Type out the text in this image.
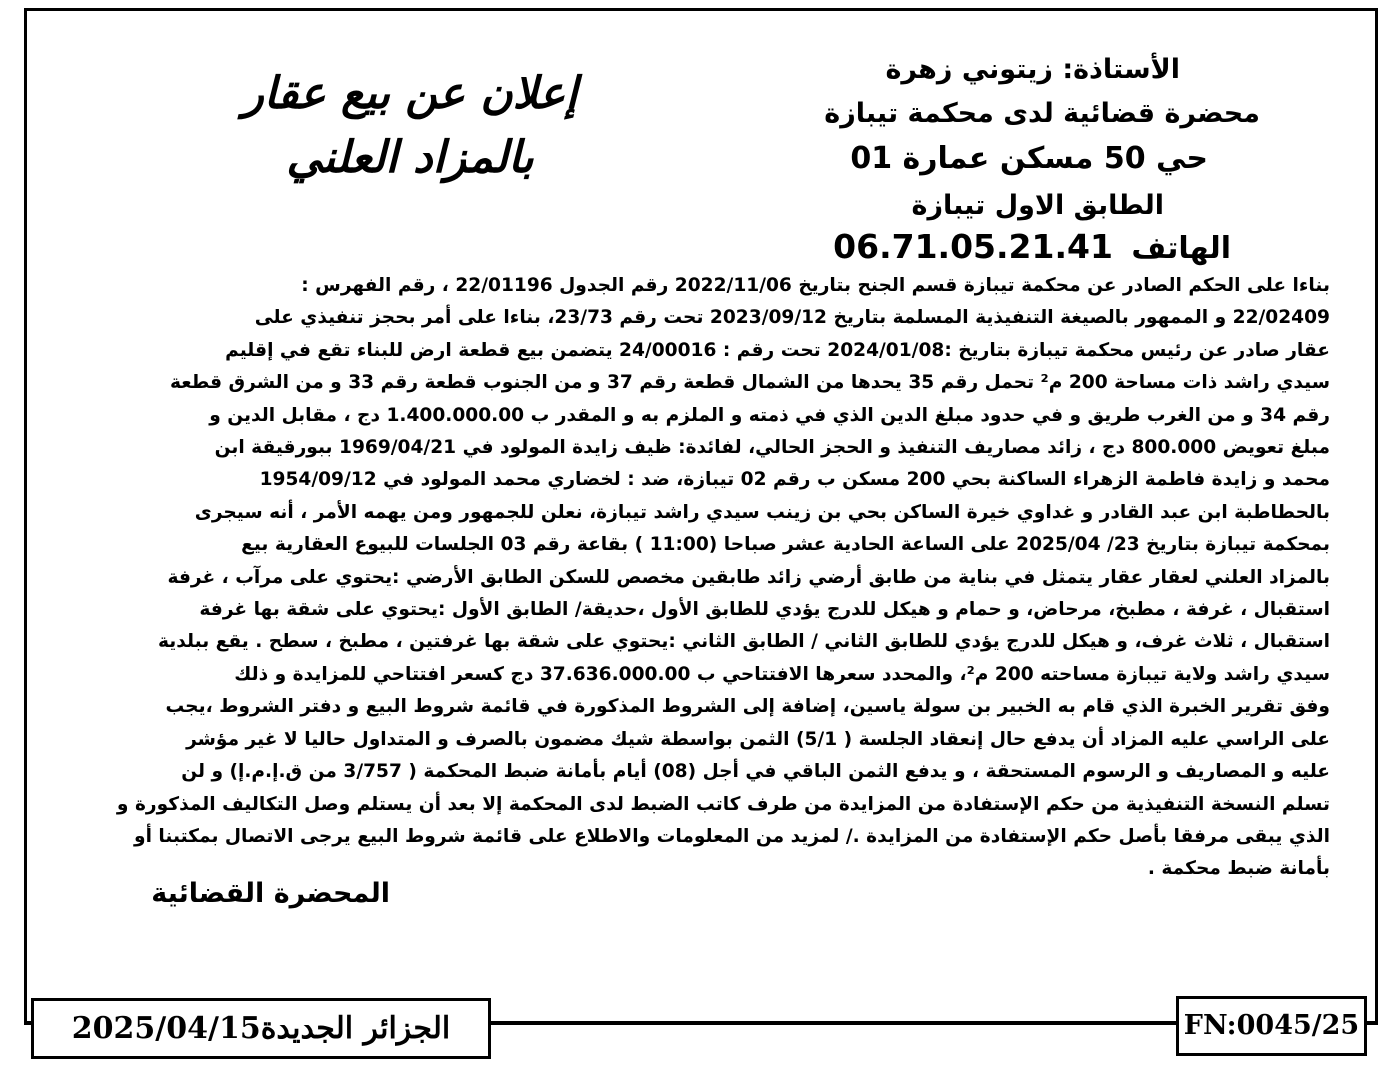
إعلان عن بيع عقار
بالمزاد العلني
الأستاذة: زيتوني زهرة
محضرة قضائية لدى محكمة تيبازة
حي 50 مسكن عمارة 01
الطابق الاول تيبازة
الهاتف 06.71.05.21.41
بناءا على الحكم الصادر عن محكمة تيبازة قسم الجنح بتاريخ 2022/11/06 رقم الجدول 22/01196 ، رقم الفهرس :
22/02409 و الممهور بالصيغة التنفيذية المسلمة بتاريخ 2023/09/12 تحت رقم 23/73، بناءا على أمر بحجز تنفيذي على
عقار صادر عن رئيس محكمة تيبازة بتاريخ :2024/01/08 تحت رقم : 24/00016 يتضمن بيع قطعة ارض للبناء تقع في إقليم
سيدي راشد ذات مساحة 200 م² تحمل رقم 35 يحدها من الشمال قطعة رقم 37 و من الجنوب قطعة رقم 33 و من الشرق قطعة
رقم 34 و من الغرب طريق و في حدود مبلغ الدين الذي في ذمته و الملزم به و المقدر ب 1.400.000.00 دج ، مقابل الدين و
مبلغ تعويض 800.000 دج ، زائد مصاريف التنفيذ و الحجز الحالي، لفائدة: ظيف زايدة المولود في 1969/04/21 ببورقيقة ابن
محمد و زايدة فاطمة الزهراء الساكنة بحي 200 مسكن ب رقم 02 تيبازة، ضد : لخضاري محمد المولود في 1954/09/12
بالحطاطبة ابن عبد القادر و غداوي خيرة الساكن بحي بن زينب سيدي راشد تيبازة، نعلن للجمهور ومن يهمه الأمر ، أنه سيجرى
بمحكمة تيبازة بتاريخ 23/ 2025/04 على الساعة الحادية عشر صباحا (11:00 ) بقاعة رقم 03 الجلسات للبيوع العقارية بيع
بالمزاد العلني لعقار عقار يتمثل في بناية من طابق أرضي زائد طابقين مخصص للسكن الطابق الأرضي :يحتوي على مرآب ، غرفة
استقبال ، غرفة ، مطبخ، مرحاض، و حمام و هيكل للدرج يؤدي للطابق الأول ،حديقة/ الطابق الأول :يحتوي على شقة بها غرفة
استقبال ، ثلاث غرف، و هيكل للدرج يؤدي للطابق الثاني / الطابق الثاني :يحتوي على شقة بها غرفتين ، مطبخ ، سطح . يقع ببلدية
سيدي راشد ولاية تيبازة مساحته 200 م²، والمحدد سعرها الافتتاحي ب 37.636.000.00 دج كسعر افتتاحي للمزايدة و ذلك
وفق تقرير الخبرة الذي قام به الخبير بن سولة ياسين، إضافة إلى الشروط المذكورة في قائمة شروط البيع و دفتر الشروط ،يجب
على الراسي عليه المزاد أن يدفع حال إنعقاد الجلسة ( 5/1) الثمن بواسطة شيك مضمون بالصرف و المتداول حاليا لا غير مؤشر
عليه و المصاريف و الرسوم المستحقة ، و يدفع الثمن الباقي في أجل (08) أيام بأمانة ضبط المحكمة ( 3/757 من ق.إ.م.إ) و لن
تسلم النسخة التنفيذية من حكم الإستفادة من المزايدة من طرف كاتب الضبط لدى المحكمة إلا بعد أن يستلم وصل التكاليف المذكورة و
الذي يبقى مرفقا بأصل حكم الإستفادة من المزايدة ./ لمزيد من المعلومات والاطلاع على قائمة شروط البيع يرجى الاتصال بمكتبنا أو
بأمانة ضبط محكمة .
المحضرة القضائية
الجزائر الجديدة2025/04/15	FN:0045/25
